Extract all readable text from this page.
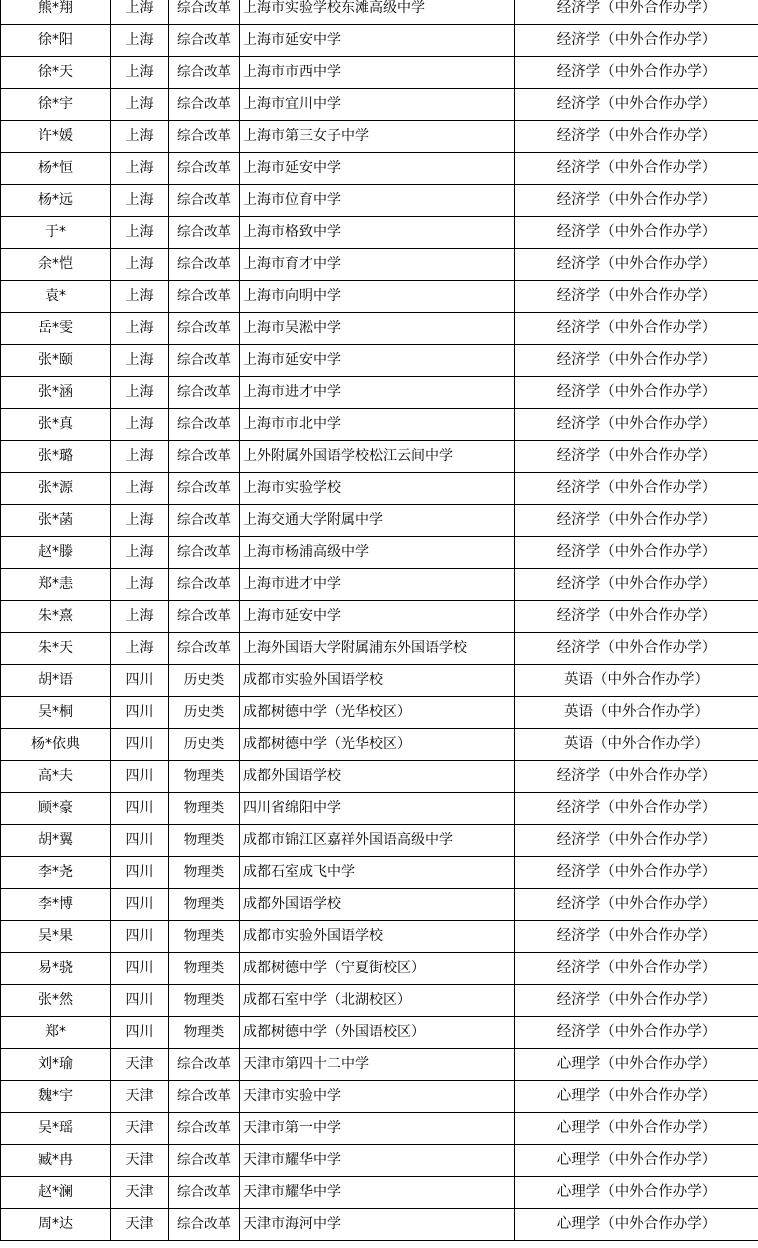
熊*翔	上海	综合改革	上海市实验学校东滩高级中学	经济学（中外合作办学）
徐*阳	上海	综合改革	上海市延安中学	经济学（中外合作办学）
徐*天	上海	综合改革	上海市市西中学	经济学（中外合作办学）
徐*宇	上海	综合改革	上海市宜川中学	经济学（中外合作办学）
许*媛	上海	综合改革	上海市第三女子中学	经济学（中外合作办学）
杨*恒	上海	综合改革	上海市延安中学	经济学（中外合作办学）
杨*远	上海	综合改革	上海市位育中学	经济学（中外合作办学）
于*	上海	综合改革	上海市格致中学	经济学（中外合作办学）
余*恺	上海	综合改革	上海市育才中学	经济学（中外合作办学）
袁*	上海	综合改革	上海市向明中学	经济学（中外合作办学）
岳*雯	上海	综合改革	上海市吴淞中学	经济学（中外合作办学）
张*颐	上海	综合改革	上海市延安中学	经济学（中外合作办学）
张*涵	上海	综合改革	上海市进才中学	经济学（中外合作办学）
张*真	上海	综合改革	上海市市北中学	经济学（中外合作办学）
张*璐	上海	综合改革	上外附属外国语学校松江云间中学	经济学（中外合作办学）
张*源	上海	综合改革	上海市实验学校	经济学（中外合作办学）
张*菡	上海	综合改革	上海交通大学附属中学	经济学（中外合作办学）
赵*滕	上海	综合改革	上海市杨浦高级中学	经济学（中外合作办学）
郑*恚	上海	综合改革	上海市进才中学	经济学（中外合作办学）
朱*熹	上海	综合改革	上海市延安中学	经济学（中外合作办学）
朱*天	上海	综合改革	上海外国语大学附属浦东外国语学校	经济学（中外合作办学）
胡*语	四川	历史类	成都市实验外国语学校	英语（中外合作办学）
吴*桐	四川	历史类	成都树德中学（光华校区）	英语（中外合作办学）
杨*依典	四川	历史类	成都树德中学（光华校区）	英语（中外合作办学）
高*夫	四川	物理类	成都外国语学校	经济学（中外合作办学）
顾*豪	四川	物理类	四川省绵阳中学	经济学（中外合作办学）
胡*翼	四川	物理类	成都市锦江区嘉祥外国语高级中学	经济学（中外合作办学）
李*尧	四川	物理类	成都石室成飞中学	经济学（中外合作办学）
李*博	四川	物理类	成都外国语学校	经济学（中外合作办学）
吴*果	四川	物理类	成都市实验外国语学校	经济学（中外合作办学）
易*骁	四川	物理类	成都树德中学（宁夏街校区）	经济学（中外合作办学）
张*然	四川	物理类	成都石室中学（北湖校区）	经济学（中外合作办学）
郑*	四川	物理类	成都树德中学（外国语校区）	经济学（中外合作办学）
刘*瑜	天津	综合改革	天津市第四十二中学	心理学（中外合作办学）
魏*宇	天津	综合改革	天津市实验中学	心理学（中外合作办学）
吴*瑶	天津	综合改革	天津市第一中学	心理学（中外合作办学）
臧*冉	天津	综合改革	天津市耀华中学	心理学（中外合作办学）
赵*澜	天津	综合改革	天津市耀华中学	心理学（中外合作办学）
周*达	天津	综合改革	天津市海河中学	心理学（中外合作办学）
